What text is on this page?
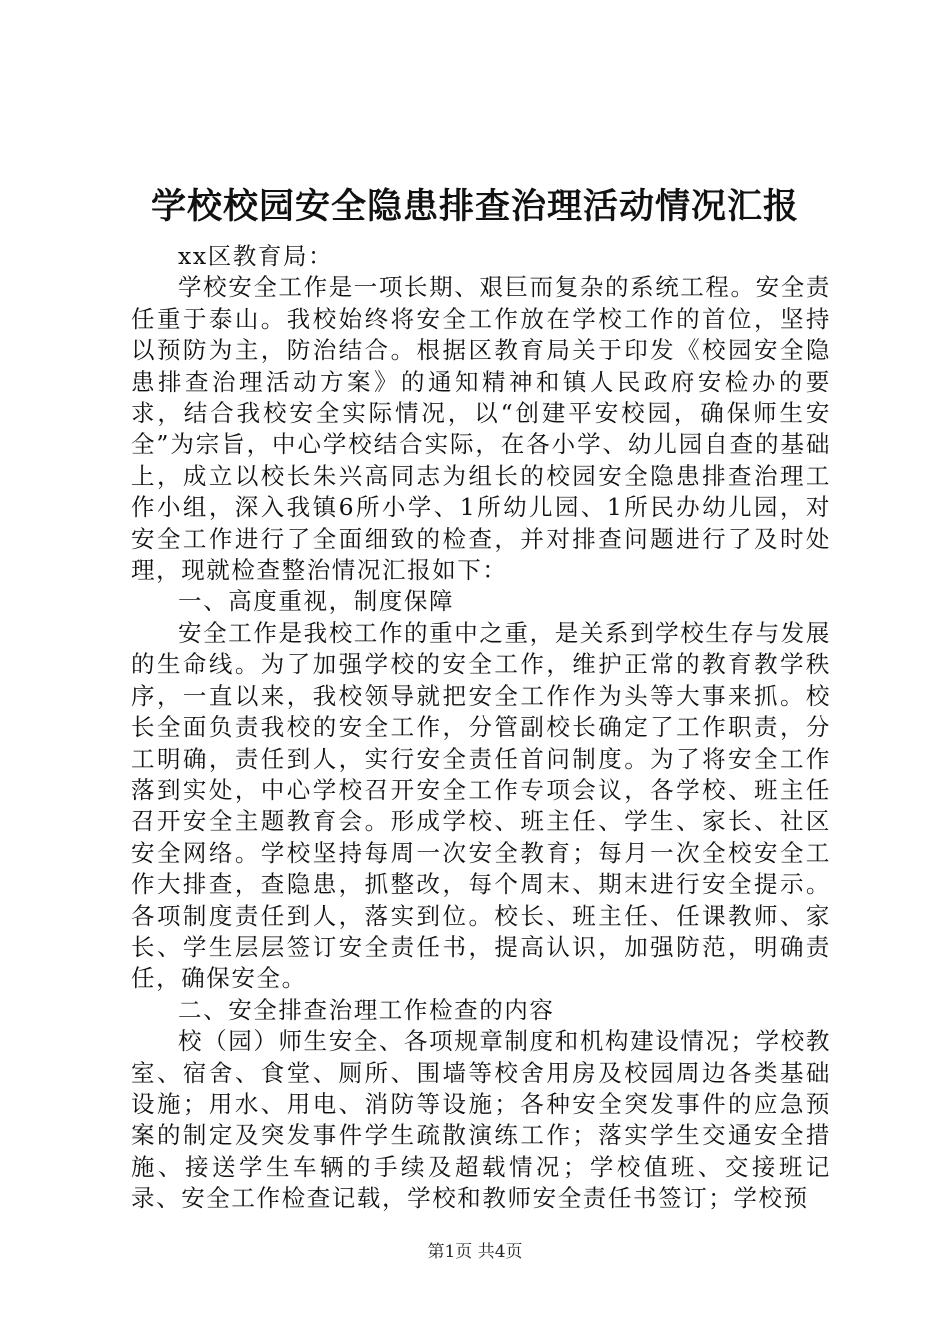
学校校园安全隐患排查治理活动情况汇报

xx区教育局：

学校安全工作是一项长期、艰巨而复杂的系统工程。安全责任重于泰山。我校始终将安全工作放在学校工作的首位，坚持以预防为主，防治结合。根据区教育局关于印发《校园安全隐患排查治理活动方案》的通知精神和镇人民政府安检办的要求，结合我校安全实际情况，以“创建平安校园，确保师生安全”为宗旨，中心学校结合实际，在各小学、幼儿园自查的基础上，成立以校长朱兴高同志为组长的校园安全隐患排查治理工作小组，深入我镇6所小学、1所幼儿园、1所民办幼儿园，对安全工作进行了全面细致的检查，并对排查问题进行了及时处理，现就检查整治情况汇报如下：

一、高度重视，制度保障

安全工作是我校工作的重中之重，是关系到学校生存与发展的生命线。为了加强学校的安全工作，维护正常的教育教学秩序，一直以来，我校领导就把安全工作作为头等大事来抓。校长全面负责我校的安全工作，分管副校长确定了工作职责，分工明确，责任到人，实行安全责任首问制度。为了将安全工作落到实处，中心学校召开安全工作专项会议，各学校、班主任召开安全主题教育会。形成学校、班主任、学生、家长、社区安全网络。学校坚持每周一次安全教育；每月一次全校安全工作大排查，查隐患，抓整改，每个周末、期末进行安全提示。各项制度责任到人，落实到位。校长、班主任、任课教师、家长、学生层层签订安全责任书，提高认识，加强防范，明确责任，确保安全。

二、安全排查治理工作检查的内容

校（园）师生安全、各项规章制度和机构建设情况；学校教室、宿舍、食堂、厕所、围墙等校舍用房及校园周边各类基础设施；用水、用电、消防等设施；各种安全突发事件的应急预案的制定及突发事件学生疏散演练工作；落实学生交通安全措施、接送学生车辆的手续及超载情况；学校值班、交接班记录、安全工作检查记载，学校和教师安全责任书签订；学校预

第1页 共4页
